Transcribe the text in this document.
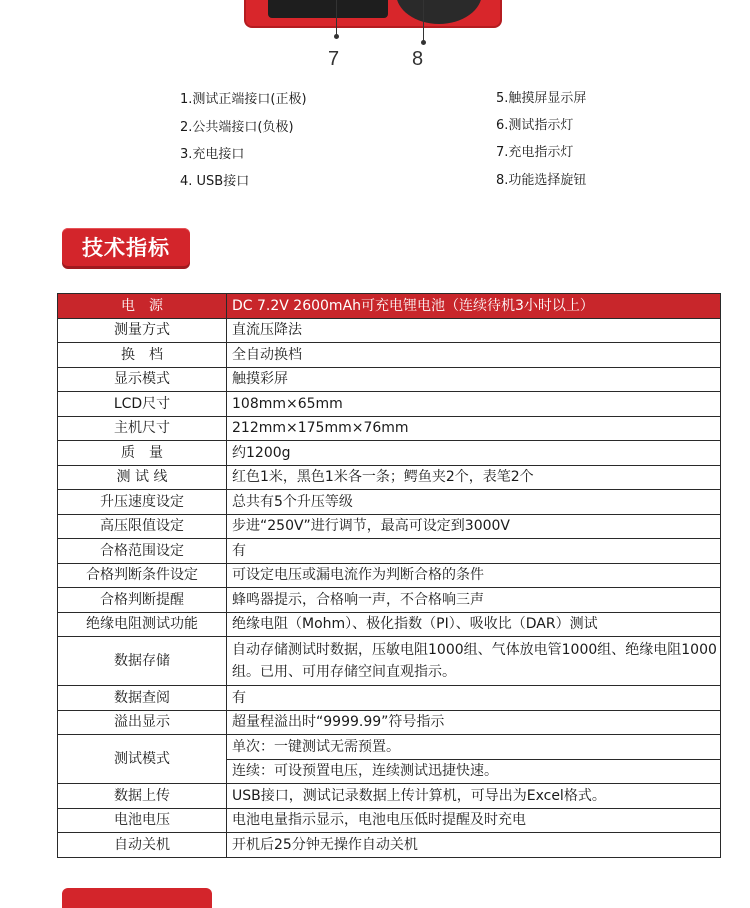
7	8
1.测试正端接口(正极)
2.公共端接口(负极)
3.充电接口
4. USB接口
5.触摸屏显示屏
6.测试指示灯
7.充电指示灯
8.功能选择旋钮
技术指标
电　源	DC 7.2V 2600mAh可充电锂电池（连续待机3小时以上）
测量方式	直流压降法
换　档	全自动换档
显示模式	触摸彩屏
LCD尺寸	108mm×65mm
主机尺寸	212mm×175mm×76mm
质　量	约1200g
测 试 线	红色1米，黑色1米各一条；鳄鱼夹2个，表笔2个
升压速度设定	总共有5个升压等级
高压限值设定	步进“250V”进行调节，最高可设定到3000V
合格范围设定	有
合格判断条件设定	可设定电压或漏电流作为判断合格的条件
合格判断提醒	蜂鸣器提示，合格响一声，不合格响三声
绝缘电阻测试功能	绝缘电阻（Mohm）、极化指数（PI）、吸收比（DAR）测试
数据存储	自动存储测试时数据，压敏电阻1000组、气体放电管1000组、绝缘电阻1000组。已用、可用存储空间直观指示。
数据查阅	有
溢出显示	超量程溢出时“9999.99”符号指示
测试模式	单次：一键测试无需预置。
	连续：可设预置电压，连续测试迅捷快速。
数据上传	USB接口，测试记录数据上传计算机，可导出为Excel格式。
电池电压	电池电量指示显示，电池电压低时提醒及时充电
自动关机	开机后25分钟无操作自动关机
